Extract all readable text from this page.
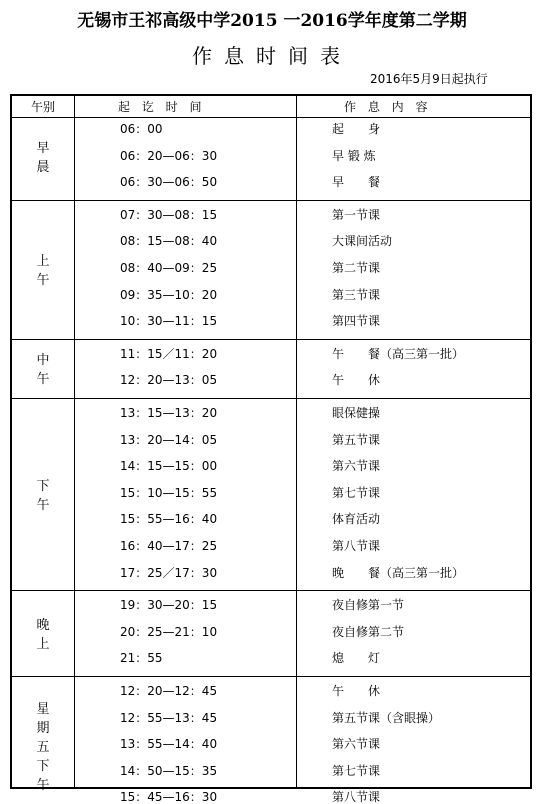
无锡市王祁高级中学2015 一2016学年度第二学期
作息时间表
2016年5月9日起执行
午别	起 讫 时 间	作 息 内 容
早
晨
06：00	起　　身
06：20—06：30	早 锻 炼
06：30—06：50	早　　餐
上
午
07：30—08：15	第一节课
08：15—08：40	大课间活动
08：40—09：25	第二节课
09：35—10：20	第三节课
10：30—11：15	第四节课
中
午
11：15／11：20	午　　餐（高三第一批）
12：20—13：05	午　　休
下
午
13：15—13：20	眼保健操
13：20—14：05	第五节课
14：15—15：00	第六节课
15：10—15：55	第七节课
15：55—16：40	体育活动
16：40—17：25	第八节课
17：25／17：30	晚　　餐（高三第一批）
晚
上
19：30—20：15	夜自修第一节
20：25—21：10	夜自修第二节
21：55	熄　　灯
星
期
五
下
午
12：20—12：45	午　　休
12：55—13：45	第五节课（含眼操）
13：55—14：40	第六节课
14：50—15：35	第七节课
15：45—16：30	第八节课
